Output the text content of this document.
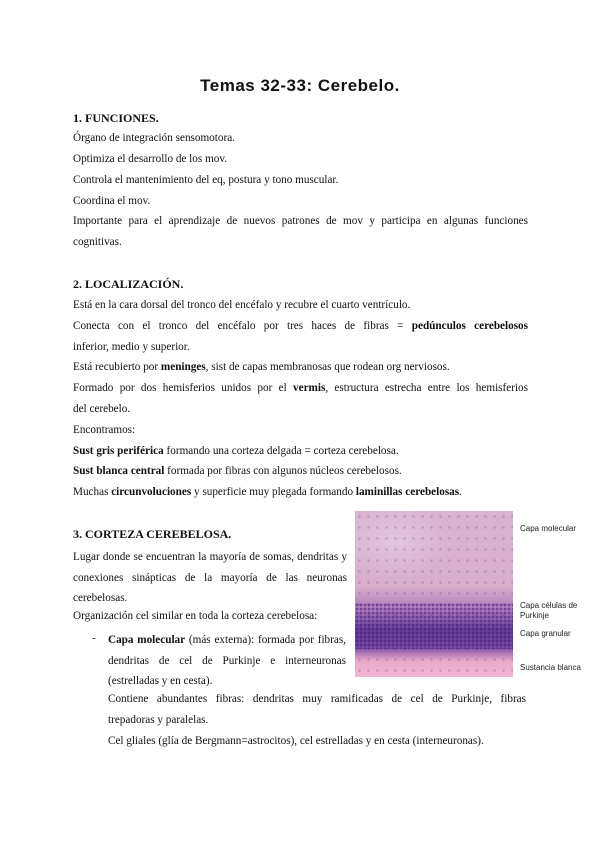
Temas 32-33: Cerebelo.
1. FUNCIONES.
Órgano de integración sensomotora.
Optimiza el desarrollo de los mov.
Controla el mantenimiento del eq, postura y tono muscular.
Coordina el mov.
Importante para el aprendizaje de nuevos patrones de mov y participa en algunas funciones
cognitivas.
2. LOCALIZACIÓN.
Está en la cara dorsal del tronco del encéfalo y recubre el cuarto ventrículo.
Conecta con el tronco del encéfalo por tres haces de fibras = pedúnculos cerebelosos
inferior, medio y superior.
Está recubierto por meninges, sist de capas membranosas que rodean org nerviosos.
Formado por dos hemisferios unidos por el vermis, estructura estrecha entre los hemisferios
del cerebelo.
Encontramos:
Sust gris periférica formando una corteza delgada = corteza cerebelosa.
Sust blanca central formada por fibras con algunos núcleos cerebelosos.
Muchas circunvoluciones y superficie muy plegada formando laminillas cerebelosas.
3. CORTEZA CEREBELOSA.
Lugar donde se encuentran la mayoría de somas, dendritas y conexiones sinápticas de la mayoría de las neuronas cerebelosas.
Organización cel similar en toda la corteza cerebelosa:
- Capa molecular (más externa): formada por fibras, dendritas de cel de Purkinje e interneuronas (estrelladas y en cesta).
Contiene abundantes fibras: dendritas muy ramificadas de cel de Purkinje, fibras
trepadoras y paralelas.
Cel gliales (glía de Bergmann=astrocitos), cel estrelladas y en cesta (interneuronas).
Capa molecular
Capa células de Purkinje
Capa granular
Sustancia blanca
